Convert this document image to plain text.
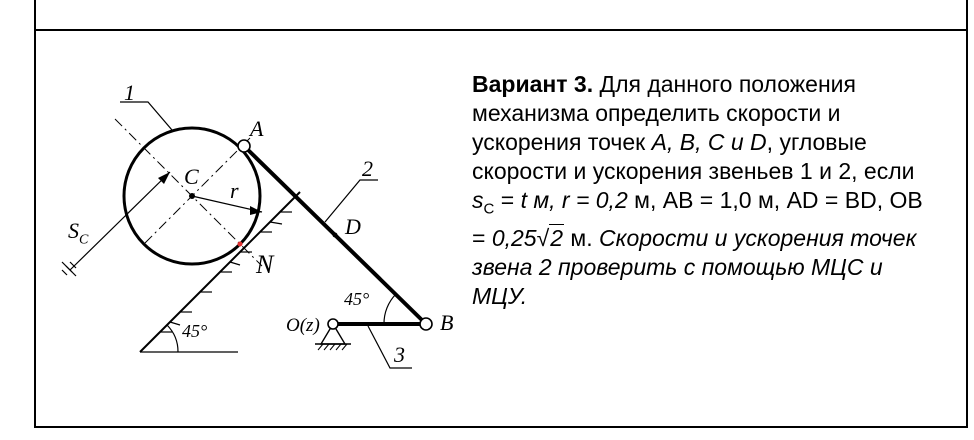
1
A
2
C
r
D
$S_C$
N
45°
O(z)	B
45°
3
Вариант 3. Для данного положения механизма определить скорости и ускорения точек A, B, C и D, угловые скорости и ускорения звеньев 1 и 2, если $s_C = t$ м, r = 0,2 м, AB = 1,0 м, AD = BD, OB = 0,25√2 м. Скорости и ускорения точек звена 2 проверить с помощью МЦС и МЦУ.
